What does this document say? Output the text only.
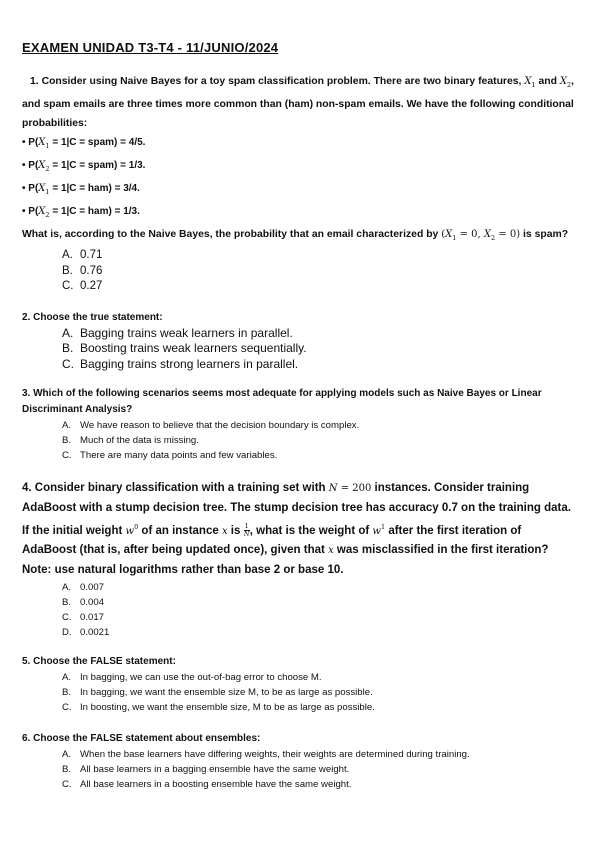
EXAMEN UNIDAD T3-T4 - 11/JUNIO/2024
1. Consider using Naive Bayes for a toy spam classification problem. There are two binary features, $X_1$ and $X_2$, and spam emails are three times more common than (ham) non-spam emails. We have the following conditional probabilities:
• $P(X_1 = 1|C$ = spam) = 4/5.
• $P(X_2 = 1|C$ = spam) = 1/3.
• $P(X_1 = 1|C = ham) = 3/4$.
• $P(X_2 = 1|C = ham) = 1/3$.
What is, according to the Naive Bayes, the probability that an email characterized by ($X_1 = 0$, $X_2 = 0$) is spam?
A. 0.71
B. 0.76
C. 0.27
2. Choose the true statement:
A. Bagging trains weak learners in parallel.
B. Boosting trains weak learners sequentially.
C. Bagging trains strong learners in parallel.
3. Which of the following scenarios seems most adequate for applying models such as Naive Bayes or Linear Discriminant Analysis?
A. We have reason to believe that the decision boundary is complex.
B. Much of the data is missing.
C. There are many data points and few variables.
4. Consider binary classification with a training set with N = 200 instances. Consider training AdaBoost with a stump decision tree. The stump decision tree has accuracy 0.7 on the training data. If the initial weight $w^0$ of an instance x is $\frac{1}{N}$ , what is the weight of $w^1$ after the first iteration of AdaBoost (that is, after being updated once), given that x was misclassified in the first iteration? Note: use natural logarithms rather than base 2 or base 10.
A. 0.007
B. 0.004
C. 0.017
D. 0.0021
5. Choose the FALSE statement:
A. In bagging, we can use the out-of-bag error to choose M.
B. In bagging, we want the ensemble size M, to be as large as possible.
C. In boosting, we want the ensemble size, M to be as large as possible.
6. Choose the FALSE statement about ensembles:
A. When the base learners have differing weights, their weights are determined during training.
B. All base learners in a bagging ensemble have the same weight.
C. All base learners in a boosting ensemble have the same weight.
